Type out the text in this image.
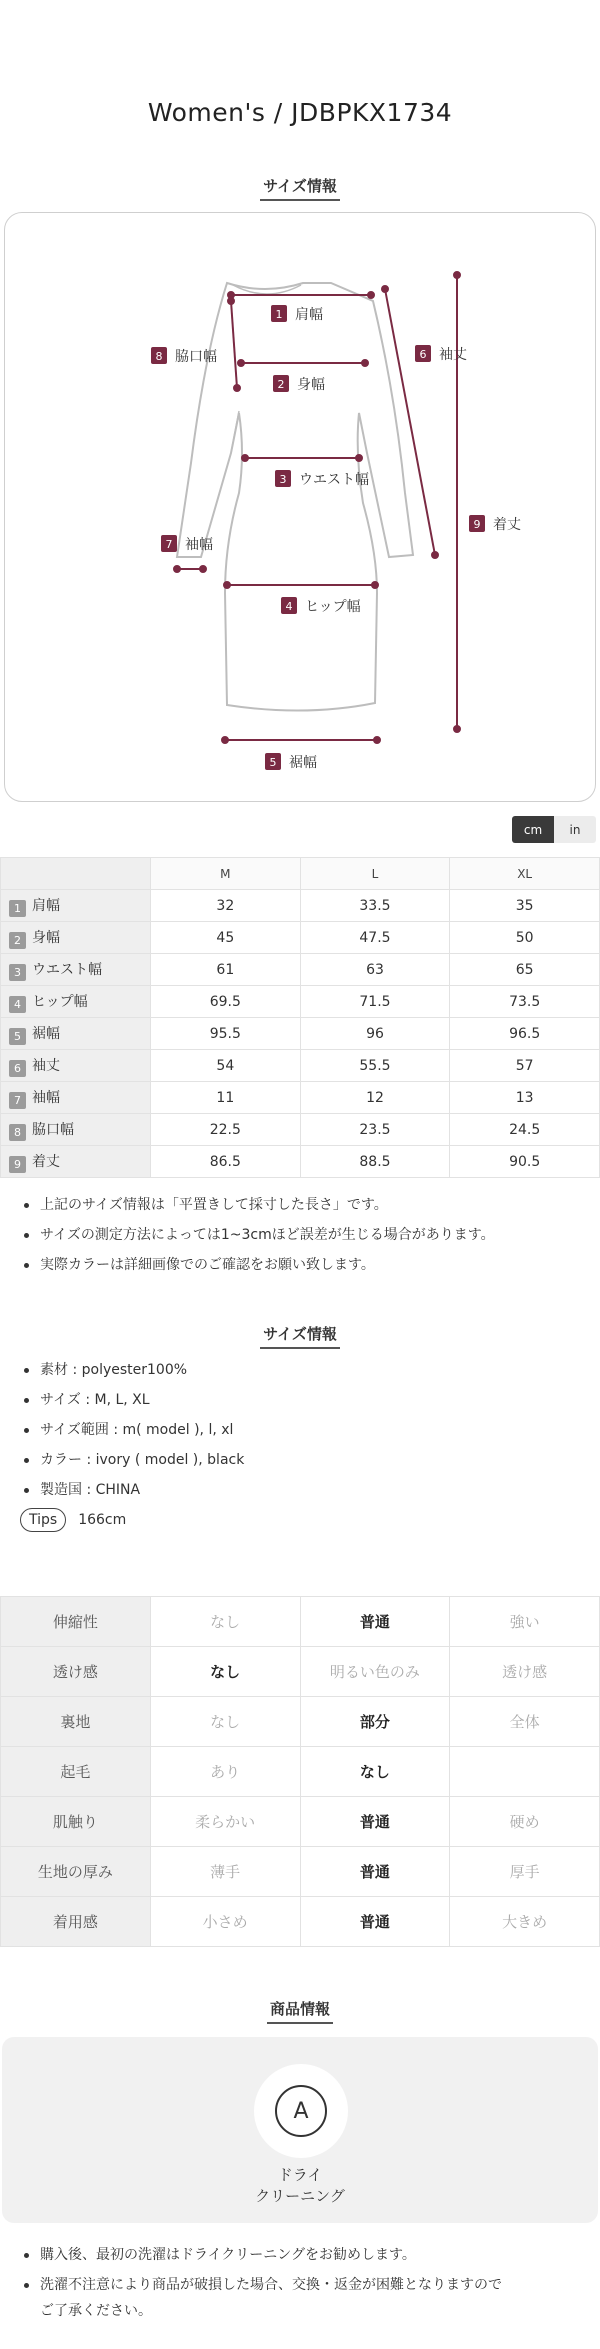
Women's / JDBPKX1734
サイズ情報
1 肩幅
2 身幅
3 ウエスト幅
4 ヒップ幅
5 裾幅
6 袖丈
7 袖幅
8 脇口幅
9 着丈
cm	in
	M	L	XL
1 肩幅	32	33.5	35
2 身幅	45	47.5	50
3 ウエスト幅	61	63	65
4 ヒップ幅	69.5	71.5	73.5
5 裾幅	95.5	96	96.5
6 袖丈	54	55.5	57
7 袖幅	11	12	13
8 脇口幅	22.5	23.5	24.5
9 着丈	86.5	88.5	90.5
上記のサイズ情報は「平置きして採寸した長さ」です。
サイズの測定方法によっては1~3cmほど誤差が生じる場合があります。
実際カラーは詳細画像でのご確認をお願い致します。
サイズ情報
素材 : polyester100%
サイズ : M, L, XL
サイズ範囲 : m( model ), l, xl
カラー : ivory ( model ), black
製造国 : CHINA
Tips	166cm
伸縮性	なし	普通	強い
透け感	なし	明るい色のみ	透け感
裏地	なし	部分	全体
起毛	あり	なし	
肌触り	柔らかい	普通	硬め
生地の厚み	薄手	普通	厚手
着用感	小さめ	普通	大きめ
商品情報
A
ドライ
クリーニング
購入後、最初の洗濯はドライクリーニングをお勧めします。
洗濯不注意により商品が破損した場合、交換・返金が困難となりますので
ご了承ください。
